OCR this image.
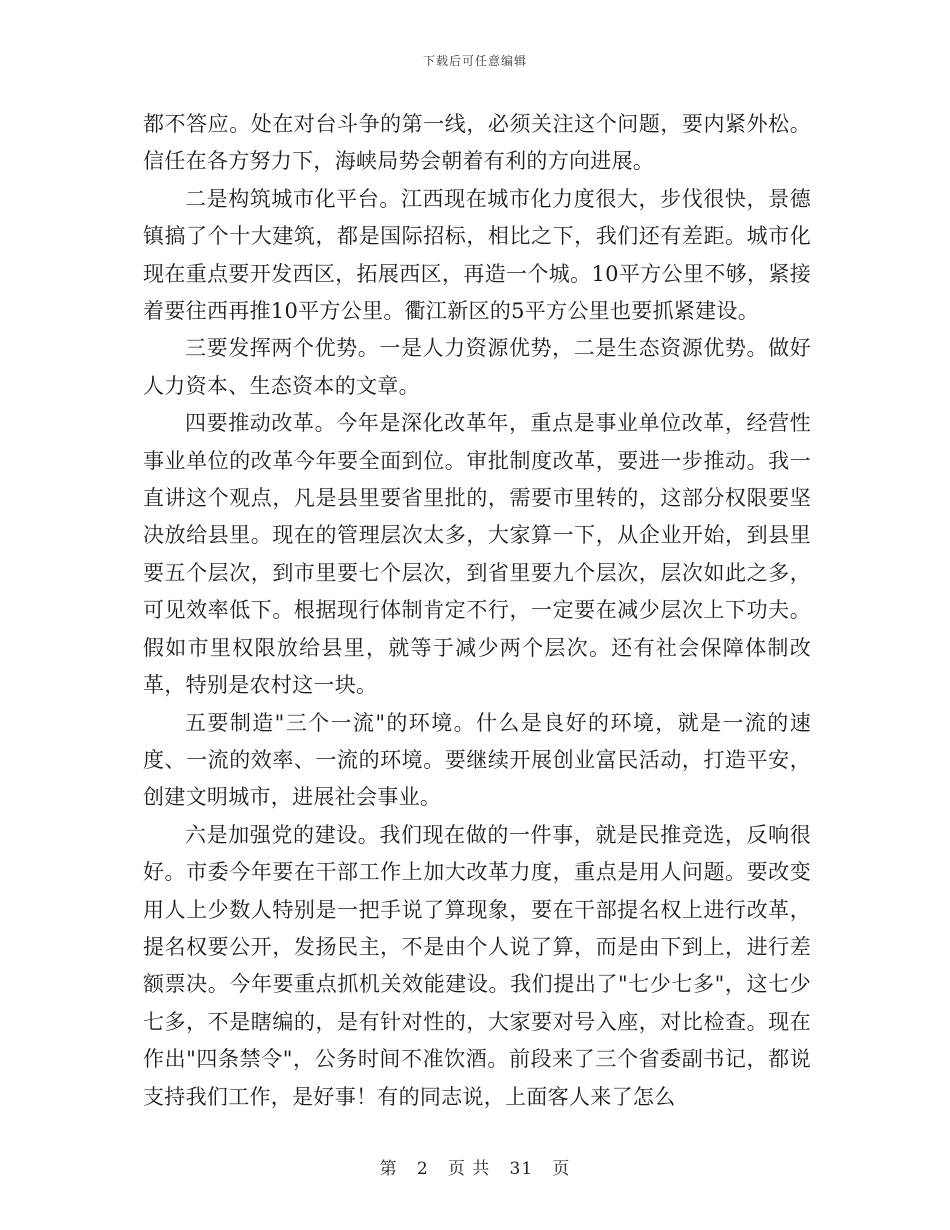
下载后可任意编辑

都不答应。处在对台斗争的第一线，必须关注这个问题，要内紧外松。信任在各方努力下，海峡局势会朝着有利的方向进展。

二是构筑城市化平台。江西现在城市化力度很大，步伐很快，景德镇搞了个十大建筑，都是国际招标，相比之下，我们还有差距。城市化现在重点要开发西区，拓展西区，再造一个城。10平方公里不够，紧接着要往西再推10平方公里。衢江新区的5平方公里也要抓紧建设。

三要发挥两个优势。一是人力资源优势，二是生态资源优势。做好人力资本、生态资本的文章。

四要推动改革。今年是深化改革年，重点是事业单位改革，经营性事业单位的改革今年要全面到位。审批制度改革，要进一步推动。我一直讲这个观点，凡是县里要省里批的，需要市里转的，这部分权限要坚决放给县里。现在的管理层次太多，大家算一下，从企业开始，到县里要五个层次，到市里要七个层次，到省里要九个层次，层次如此之多，可见效率低下。根据现行体制肯定不行，一定要在减少层次上下功夫。假如市里权限放给县里，就等于减少两个层次。还有社会保障体制改革，特别是农村这一块。

五要制造"三个一流"的环境。什么是良好的环境，就是一流的速度、一流的效率、一流的环境。要继续开展创业富民活动，打造平安，创建文明城市，进展社会事业。

六是加强党的建设。我们现在做的一件事，就是民推竞选，反响很好。市委今年要在干部工作上加大改革力度，重点是用人问题。要改变用人上少数人特别是一把手说了算现象，要在干部提名权上进行改革，提名权要公开，发扬民主，不是由个人说了算，而是由下到上，进行差额票决。今年要重点抓机关效能建设。我们提出了"七少七多"，这七少七多，不是瞎编的，是有针对性的，大家要对号入座，对比检查。现在作出"四条禁令"，公务时间不准饮酒。前段来了三个省委副书记，都说支持我们工作，是好事！有的同志说，上面客人来了怎么

第 2 页 共 31 页
